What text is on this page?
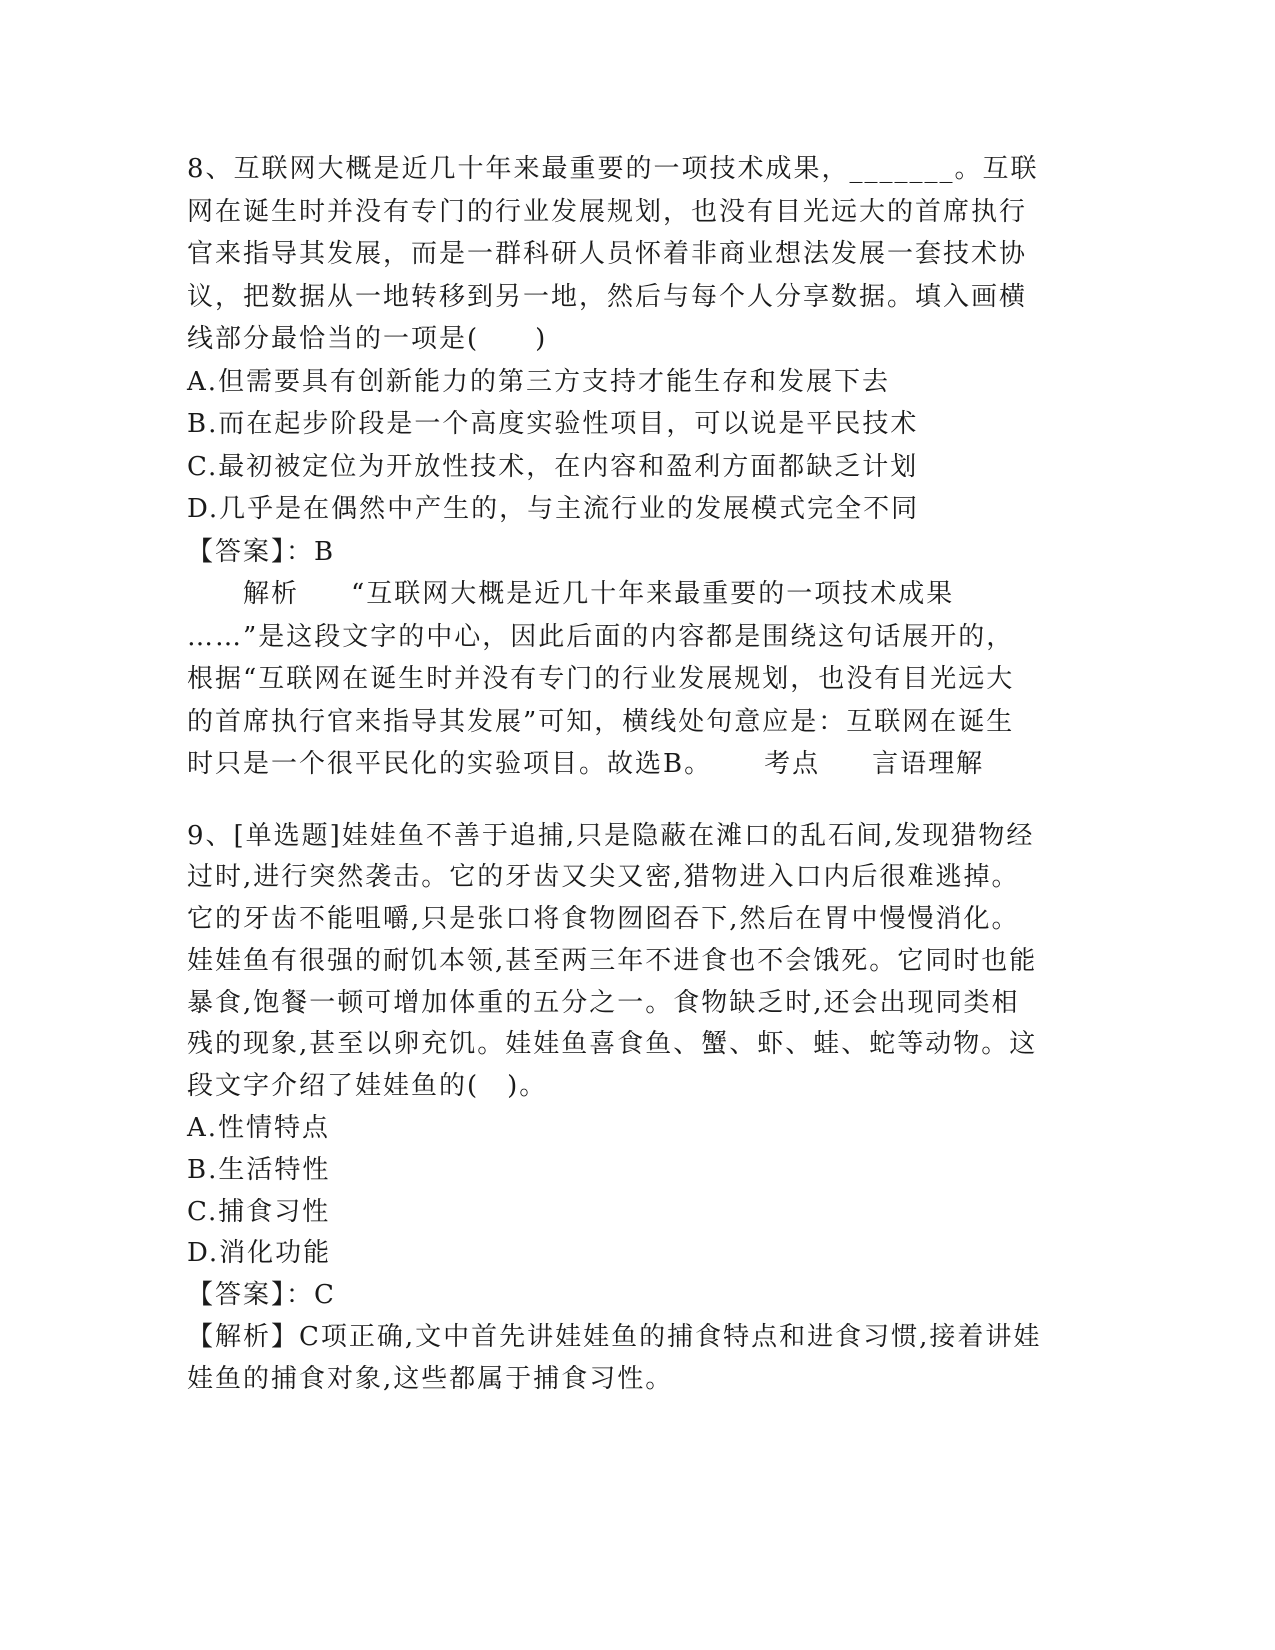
8、互联网大概是近几十年来最重要的一项技术成果，_______。互联
网在诞生时并没有专门的行业发展规划，也没有目光远大的首席执行
官来指导其发展，而是一群科研人员怀着非商业想法发展一套技术协
议，把数据从一地转移到另一地，然后与每个人分享数据。填入画横
线部分最恰当的一项是(　　)
A.但需要具有创新能力的第三方支持才能生存和发展下去
B.而在起步阶段是一个高度实验性项目，可以说是平民技术
C.最初被定位为开放性技术，在内容和盈利方面都缺乏计划
D.几乎是在偶然中产生的，与主流行业的发展模式完全不同
【答案】：B
解析 “互联网大概是近几十年来最重要的一项技术成果
……”是这段文字的中心，因此后面的内容都是围绕这句话展开的，
根据“互联网在诞生时并没有专门的行业发展规划，也没有目光远大
的首席执行官来指导其发展”可知，横线处句意应是：互联网在诞生
时只是一个很平民化的实验项目。故选B。 考点 言语理解
9、[单选题]娃娃鱼不善于追捕,只是隐蔽在滩口的乱石间,发现猎物经
过时,进行突然袭击。它的牙齿又尖又密,猎物进入口内后很难逃掉。
它的牙齿不能咀嚼,只是张口将食物囫囵吞下,然后在胃中慢慢消化。
娃娃鱼有很强的耐饥本领,甚至两三年不进食也不会饿死。它同时也能
暴食,饱餐一顿可增加体重的五分之一。食物缺乏时,还会出现同类相
残的现象,甚至以卵充饥。娃娃鱼喜食鱼、蟹、虾、蛙、蛇等动物。这
段文字介绍了娃娃鱼的(　)。
A.性情特点
B.生活特性
C.捕食习性
D.消化功能
【答案】：C
【解析】C项正确,文中首先讲娃娃鱼的捕食特点和进食习惯,接着讲娃
娃鱼的捕食对象,这些都属于捕食习性。
